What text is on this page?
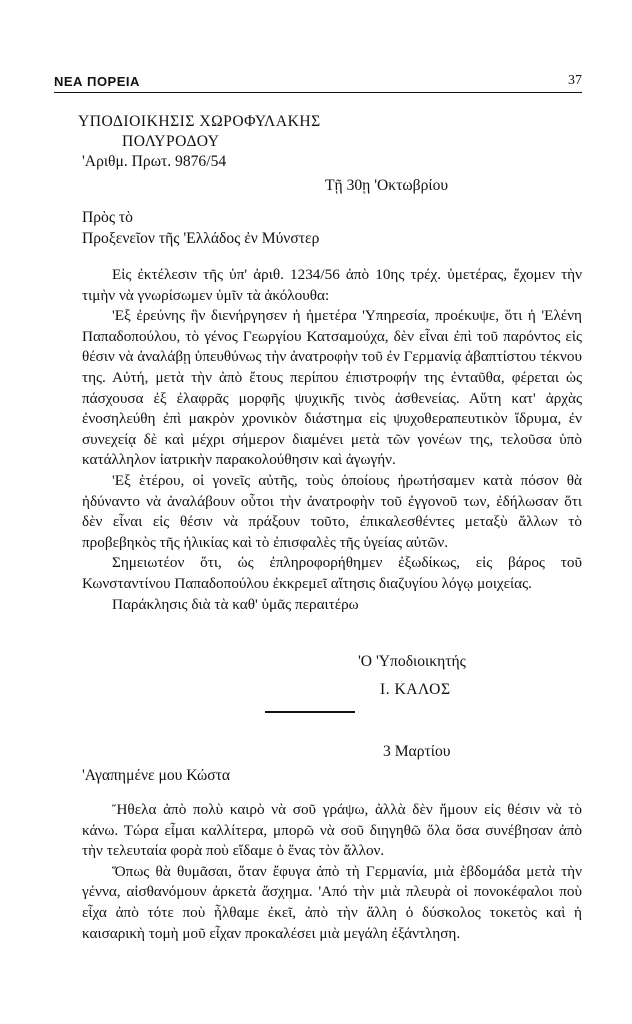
ΝΕΑ ΠΟΡΕΙΑ	37
ΥΠΟΔΙΟΙΚΗΣΙΣ ΧΩΡΟΦΥΛΑΚΗΣ
ΠΟΛΥΡΟΔΟΥ
'Αριθμ. Πρωτ. 9876/54
Τῇ 30ῃ 'Οκτωβρίου
Πρὸς τὸ
Προξενεῖον τῆς 'Ελλάδος ἐν Μύνστερ

Εἰς ἐκτέλεσιν τῆς ὑπ' ἀριθ. 1234/56 ἀπὸ 10ης τρέχ. ὑμετέρας, ἔχομεν τὴν τιμὴν νὰ γνωρίσωμεν ὑμῖν τὰ ἀκόλουθα:

'Εξ ἐρεύνης ἣν διενήργησεν ἡ ἡμετέρα 'Υπηρεσία, προέκυψε, ὅτι ἡ 'Ελένη Παπαδοπούλου, τὸ γένος Γεωργίου Κατσαμούχα, δὲν εἶναι ἐπὶ τοῦ παρόντος εἰς θέσιν νὰ ἀναλάβῃ ὑπευθύνως τὴν ἀνατροφὴν τοῦ ἐν Γερμανίᾳ ἀβαπτίστου τέκνου της. Αὐτή, μετὰ τὴν ἀπὸ ἔτους περίπου ἐπιστροφήν της ἐνταῦθα, φέρεται ὡς πάσχουσα ἐξ ἐλαφρᾶς μορφῆς ψυχικῆς τινὸς ἀσθενείας. Αὕτη κατ' ἀρχὰς ἐνοσηλεύθη ἐπὶ μακρὸν χρονικὸν διάστημα εἰς ψυχοθεραπευτικὸν ἵδρυμα, ἐν συνεχείᾳ δὲ καὶ μέχρι σήμερον διαμένει μετὰ τῶν γονέων της, τελοῦσα ὑπὸ κατάλληλον ἰατρικὴν παρακολούθησιν καὶ ἀγωγήν.

'Εξ ἑτέρου, οἱ γονεῖς αὐτῆς, τοὺς ὁποίους ἠρωτήσαμεν κατὰ πόσον θὰ ἠδύναντο νὰ ἀναλάβουν οὗτοι τὴν ἀνατροφὴν τοῦ ἐγγονοῦ των, ἐδήλωσαν ὅτι δὲν εἶναι εἰς θέσιν νὰ πράξουν τοῦτο, ἐπικαλεσθέντες μεταξὺ ἄλλων τὸ προβεβηκὸς τῆς ἡλικίας καὶ τὸ ἐπισφαλὲς τῆς ὑγείας αὐτῶν.

Σημειωτέον ὅτι, ὡς ἐπληροφορήθημεν ἐξωδίκως, εἰς βάρος τοῦ Κωνσταντίνου Παπαδοπούλου ἐκκρεμεῖ αἴτησις διαζυγίου λόγῳ μοιχείας.

Παράκλησις διὰ τὰ καθ' ὑμᾶς περαιτέρω

'Ο 'Υποδιοικητής
Ι. ΚΑΛΟΣ
3 Μαρτίου
'Αγαπημένε μου Κώστα

Ἤθελα ἀπὸ πολὺ καιρὸ νὰ σοῦ γράψω, ἀλλὰ δὲν ἤμουν εἰς θέσιν νὰ τὸ κάνω. Τώρα εἶμαι καλλίτερα, μπορῶ νὰ σοῦ διηγηθῶ ὅλα ὅσα συνέβησαν ἀπὸ τὴν τελευταία φορὰ ποὺ εἴδαμε ὁ ἕνας τὸν ἄλλον.

Ὅπως θὰ θυμᾶσαι, ὅταν ἔφυγα ἀπὸ τὴ Γερμανία, μιὰ ἑβδομάδα μετὰ τὴν γέννα, αἰσθανόμουν ἀρκετὰ ἄσχημα. 'Από τὴν μιὰ πλευρὰ οἱ πονοκέφαλοι ποὺ εἶχα ἀπὸ τότε ποὺ ἦλθαμε ἐκεῖ, ἀπὸ τὴν ἄλλη ὁ δύσκολος τοκετὸς καὶ ἡ καισαρικὴ τομὴ μοῦ εἶχαν προκαλέσει μιὰ μεγάλη ἐξάντληση.
